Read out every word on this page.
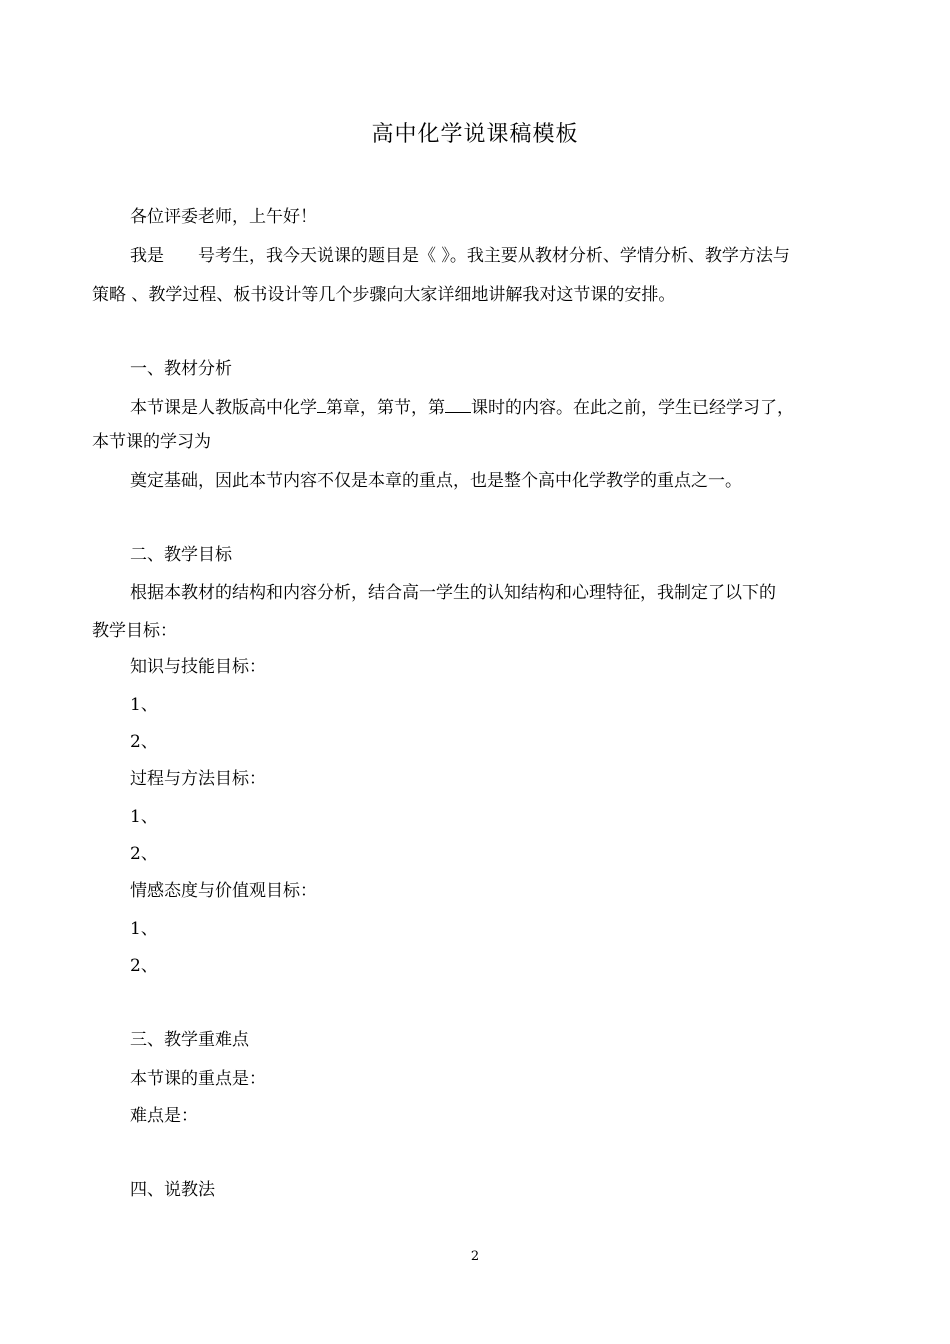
高中化学说课稿模板
各位评委老师，上午好！
我是 号考生，我今天说课的题目是《 》。我主要从教材分析、学情分析、教学方法与
策略 、教学过程、板书设计等几个步骤向大家详细地讲解我对这节课的安排。
一、教材分析
本节课是人教版高中化学 第章，第节，第 课时的内容。在此之前，学生已经学习了，
本节课的学习为
奠定基础，因此本节内容不仅是本章的重点，也是整个高中化学教学的重点之一。
二、教学目标
根据本教材的结构和内容分析，结合高一学生的认知结构和心理特征，我制定了以下的
教学目标：
知识与技能目标：
1、
2、
过程与方法目标：
1、
2、
情感态度与价值观目标：
1、
2、
三、教学重难点
本节课的重点是：
难点是：
四、说教法
2
